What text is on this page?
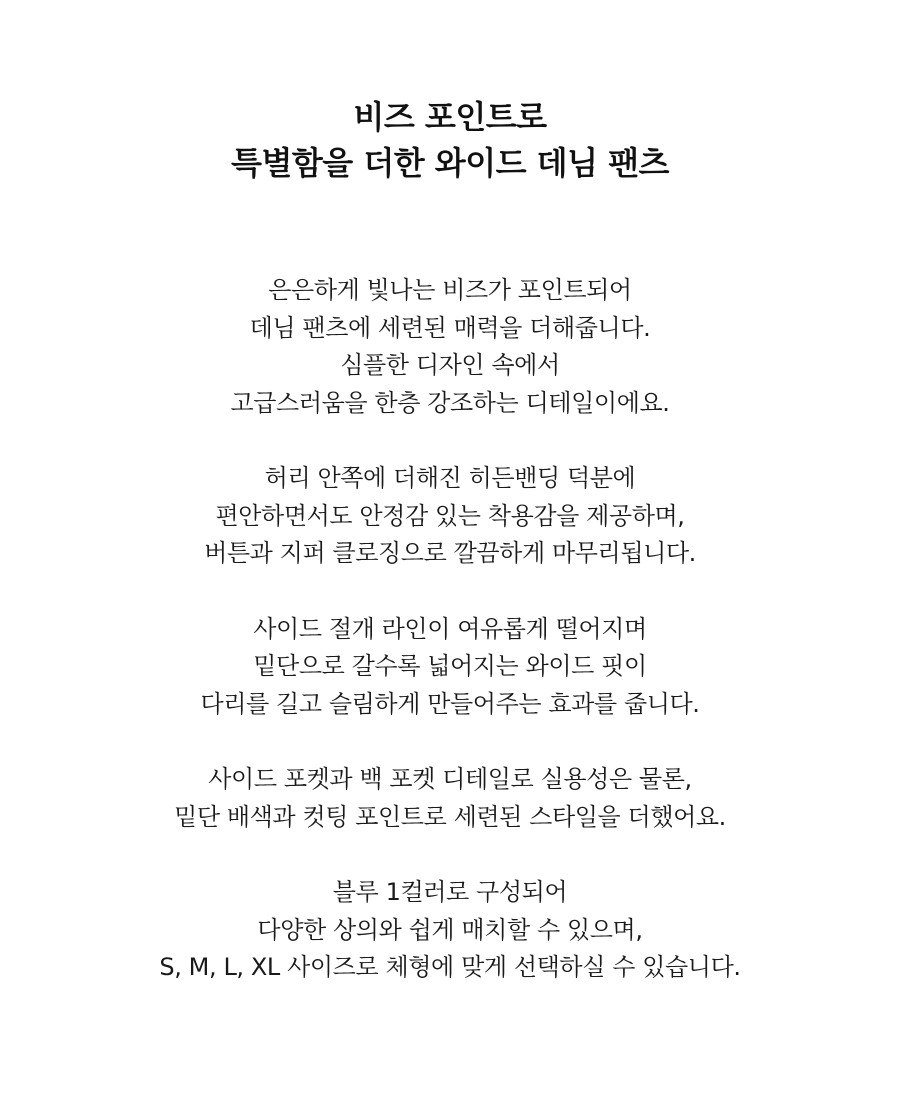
비즈 포인트로
특별함을 더한 와이드 데님 팬츠

은은하게 빛나는 비즈가 포인트되어
데님 팬츠에 세련된 매력을 더해줍니다.
심플한 디자인 속에서
고급스러움을 한층 강조하는 디테일이에요.

허리 안쪽에 더해진 히든밴딩 덕분에
편안하면서도 안정감 있는 착용감을 제공하며,
버튼과 지퍼 클로징으로 깔끔하게 마무리됩니다.

사이드 절개 라인이 여유롭게 떨어지며
밑단으로 갈수록 넓어지는 와이드 핏이
다리를 길고 슬림하게 만들어주는 효과를 줍니다.

사이드 포켓과 백 포켓 디테일로 실용성은 물론,
밑단 배색과 컷팅 포인트로 세련된 스타일을 더했어요.

블루 1컬러로 구성되어
다양한 상의와 쉽게 매치할 수 있으며,
S, M, L, XL 사이즈로 체형에 맞게 선택하실 수 있습니다.
